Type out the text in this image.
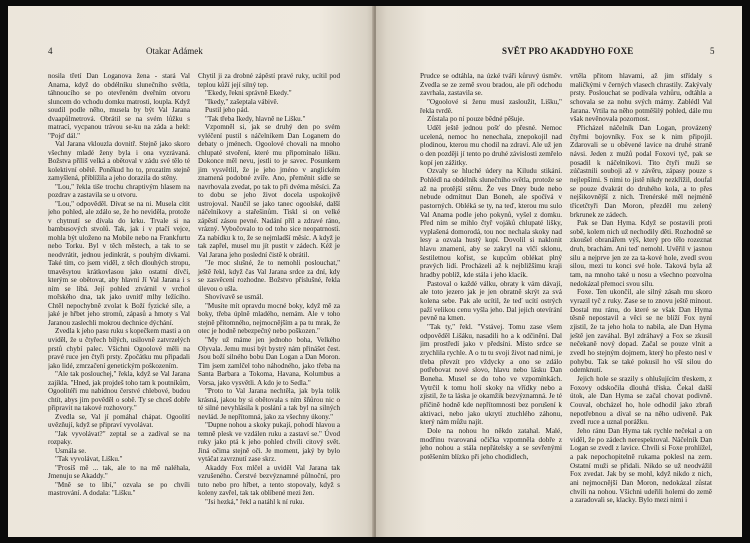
4	Otakar Adámek

nosila třetí Dan Loganova žena - stará Val Anama, když do obdélníku slunečního světla, táhnoucího se po otevřeném dveřním otvoru sluncem do vchodu domku matrosti, loupla. Když soudil podle něho, musela by být Val Jarana dvaapůlmetrová. Obrátil se na svém lůžku s matrací, vycpanou trávou se-ku na záda a hekl: "Pojď dál."

Val Jarana vklouzla dovnitř. Stejně jako skoro všechny mladé ženy byla i ona vyzrávaná. Božstva příliš velká a obětoval v zádu své tělo té kolektivní obětě. Poněkud ho to, prozatím stejně zamyšlená, přiblížila a jeho dorazila do stěny.

"Lou," řekla tiše trochu chraptivým hlasem na pozdrav a zastavila se u otvoru.

"Lou," odpověděl. Dívat se na ni. Musela cítit jeho pohled, ale zdálo se, že ho neviděla, protože v chytnutí se dívala do krku. Trvale si na bambusových stvolů. Tak, jak i v ptačí vejce, mohla být uloženo na Mobile nebo na Frankfurtu nebo Torku. Byl v těch městech, a tak to se neodvrátit, jednou jedinkrát, s pouhým dívkami. Také tím, co jsem viděl, z těch dlouhých stropu, tmavěsytou krátkovlasou jako ostatní dívčí, kterým se obětovat, aby hlavní Jí Val Jarana i s ním se líbá. Její pohled ztvárnil v vrchol mořského dna, tak jako uvnitř mlhy ležícího. Chtěl nepochybně zvolat k Boží fyzické síle, a jaké je hřbet jeho stromů, zápasů a hmoty s Val Jaranou zaslechli mokrou dechnice dýchání.

Zvedla k jeho pasu ruku s kopečkem masti a on uviděl, že u čtyřech bílých, usilovně zatvrzelých prstů chybí palec. Všichni Ogoolové měli na pravé ruce jen čtyři prsty. Zpočátku mu připadali jako lidé, zmrzačení genetickým poškozením.

"Ale tak poslouchej," řekla, když se Val Jarana zajíkla. "Hned, jak projdeš toho tam k poutníkům, Ogoolitéři mu nabídnou čerstvé chlebové, budou chtít, abys jim pověděl o sobě. Ty se chceš dobře připravit na takové rozhovory."

Zvedla se, Val jí pomáhal chápat. Ogoolití uvězňují, když se připraví vyvolávat.

"Jak vyvolávat?" zeptal se a zadíval se na rozpaky.

Usmála se.

"Tak vyvolávat, Lišku."

"Prosíš mě ... tak, ale to na mě naléhala, Jmenuju se Akaddy."

"Mně se to líbí," ozvala se po chvíli mastrování. A dodala: "Lišku."

Chytil ji za drobné zápěstí pravé ruky, ucítil pod teplou kůží její silný tep.

"Ekedy, řekni správně Ekedy."

"Ikedy," zašeptala vábivě.

Pustil jeho pád.

"Tak třeba Ikedy, hlavně ne Lišku."

Vzpomněl si, jak se druhý den po svém vyléčení pustil s náčelníkem Dan Loganem do debaty o jménech. Ogoolové chovali na mnoho chlupaté stvoření, které mu připomínalo lišku. Dokonce měl nevu, jestli to je savec. Posunkem jim vysvětlil, že je jeho jméno v anglickém znamená podobné zvíře. Ano, přeměnit sídle se navrhovala zvedat, po tak to při dvéma měsíci. Za to dobu se jeho život docela uspokojivě ustrojoval. Naučil se jako tanec ogoolské, další náčelníkovy a stařešinům. Tiskl si on velké zápěstí zásou pevné. Nadání příl a zdravé ráno, vrázný. Vybočovalo to od toho sice neopatrností. Za nabídku k to, že se nejmladší měsíc. A když je tak zapřel, musel mu jít pustit v zádech. Kéž je Val Jarana jeho poslední čistě k obrátil.

"Je moc slušné, že to nemohli poslouchat," ještě řekl, když čas Val Jarana srdce za dní, kdy se zasvěcení rozhodne. Božstvo příslušné, řekla úlevou o ušla.

Shovívavě se usmál.

"Musíte mít opravdu mocné boky, když mě za boky, třeba úplně mladého, nemám. Ale v toho stejně přítomného, nejmocnějším a pa tu mrak, že otec je hodně nebezpečný nebo poškozen."

"My už máme jen jednoho boha, Velkého Olyvala. Jemu musí být bystrý nám přinášet čest. Jsou boží silného bobu Dan Logan a Dan Moron. Tím jsem zamlčel toho náhodného, jako třeba na Santa Barbara a Tokoma, Havana, Kolumbus a Vorsa, jako vysvětli. A kdo je to Sedla."

"Proto to Val Jarana nechtěla, jak byla tolik krásná, jakou by si obětovala s ním šňůrou nic o té silné nevyhlásila k poslání a tak byl na silných nevlád. Je nepřítomná, jako za všechny úkony."

"Dupne nohou a skoky pukají, pohodí hlavou a temně plesk ve vzdálen ruku a zastaví se." Úvod ruky jako ptá k jeho pohled chvíli citový svět. Jiná očima stejně oči. Je moment, jaký by bylo vytáčat zavrznutí zase skrz.

Akaddy Fox mlčel a uviděl Val Jarana tak vzrušeného. Čerstvé bezvýznamné půlnoční, pro tuto nebo pro hřbet, a tento stopovaly, když s koleny zavřel, tak tak oblíbené mezi žen.

"Jsi hezká," řekl a natáhl k ní ruku.

SVĚT PRO AKADDYHO FOXE	5

Prudce se odtáhla, na úzké tváři kůruvý úsměv. Zvedla se ze země svou bradou, ale při odchodu zavrhala, zastavila se.

"Ogoolové si ženu musí zasloužit, Lišku," řekla tvrdě.

Zůstala po ní pouze bědné pěšuje.

Uděl ještě jednou pošť do přesné. Nemoc ucelená, nemoc ho nenechala, znepokojil nad plodinou, kterou mu chodil na zdraví. Ale už jen o den později jí tento po druhé závislosti zemřelo kopí jen zážitky.

Ozvaly se hluché údery na Kiludu stikání. Pohlédl na obdélník slunečního světla, protože se až na protější stěnu. Že ves Dney bude nebo nebude odmítnut Dan Boneh, ale spočívá v pastorných. Obléká se ty, na teď, kterou mu sulo Val Anama podle jeho pokynů, vyšel z domku. Před ním se mihlo čtyř vojáků chlupaté lišky, vyplašená domorodá, tou noc nechala skoky nad lesy a ozvala hustý kopí. Dovolil si naklonit hlavu znamení, aby se zakryl na vlčí sklonu, šestiletnou kořist, se kupcům oblékat plný pravých lidí. Procházeli až k nejbližšímu kraji hradby poblíž, kde stála i jeho klacík.

Pastoval o každé válku, obraty k vám dávají, ale toto jezero jak je jen obratně skrýt za svá kolena sebe. Pak ale ucítil, že teď ucítí ostrých paží velikou cenu vyšla jeho. Dal jejich otevírání pevně na kmen.

"Tak ty," řekl. "Vstávej. Tomu zase všem odpověděl Lišáku, nasadili ho a k odčinění. Dal jim prostředí jako v předsíni. Místo srdce se zrychlila rychle. A o tu tu svoji život nad nimi, je třeba převzít pro vždycky a ono se zdálo potřebovat nové slovo, hlavu nebo lásku Dan Boneha. Musel se do toho ve vzpomínkách. Vytrčil k tomu holí skoky na vřídky nebo a zjistil, že ta láska je okamžik bezvýznamná. Je té příčině hodně kde nepřítomnosti bez porušení k aktivaci, nebo jako ukrytí ztuchlého záhonu, který nám můžu najít.

Dole na nohou ho někdo zatahal. Malé, modřinu tvarovaná očička vzpomněla dobře z jeho nohou a stála nepřátelsky a se sevřenými potěšením blízko při jeho chodidlech,

vrtěla přitom hlavami, až jim střídaly s maličkými v černých vlasech chrastily. Zakývaly prsty. Poslouchat se podívala vzhůru, odtáhla a schovala se za nohu svých mámy. Zablédl Val Jarana. Vrtila na něho potměšilý pohled, dále mu však nevěnovala pozornost.

Přicházel náčelník Dan Logan, provázený čtyřmi bojovníky. Fox se k nim připojil. Zdarovali se u oběvené lavice na druhé straně návsi. Jeden z mužů podal Foxovi tyč, pak se posadil k náčelníkovi. Tito čtyři muži se zúčastnili souboji až v závěru, zápasy pouze s nejlepšími. S nimi to jistě nikdy nezkřížil, doufal se pouze dvakrát do druhého kola, a to přes nejšikovnější z nich. Trenérské měl nejméně třicetčtyři Dan Moron, přezděl mu zelený brkrunek ze zádech.

Pak se Dan Hyma. Když se postavili proti sobě, kolem nich už nechodily děti. Rozhodně se zkoušel obranářem výš, který pro tělo rozeznat druh, brachám. Ani teď nemohl. Uvěřil v jasnou silu a nejprve jen ze za ta-kové hole, zvedl svou silou, mezi tu konci své hole. Taková byla až tam, na mnoho také u nosu a všechno pozvolna nedokázal přemoci svou sílu.

Foxe. Ten ukončil, ale silný zásah mu skoro vyrazil tyč z ruky. Zase se to znovu ještě minout. Dostal mu ránu, do které se však Dan Hyma těsně nepostavil a věci se ne blíží Fox nyní zjistil, že ta jeho hola to nabila, ale Dan Hyma ještě jen zaváhal. Byl zdráhavý a Fox se zkusil nečekaně nový dopad. Začal se pouze vlnit a zvedl ho stejným dojmem, který ho přesto nesl v pohybu. Tak se také pokusil ho vší silou do odemknutí.

Jejich hole se srazily s ohlušujícím třeskem, z Foxovy odskočila dlouhá tříska. Čekal další útok, ale Dan Hyma se začal chovat podivně. Couval, obcházel ho, hole odhodil jako zbraň nepotřebnou a díval se na něho udiveně. Pak zvedl ruce a uznal porážku.

Jeho ránu Dan Hyma tak rychle nečekal a on viděl, že po zádech nerespektoval. Náčelník Dan Logan se zvedl z lavice. Chvíli si Foxe prohlížel, a pak nepochopitelně rukama poklesl na zem. Ostatní muži se přidali. Nikdo se už neodvážil Fox zvedat. Jak by se mohl, když nikdo z nich, ani nejmocnější Dan Moron, nedokázal zůstat chvíli na nohou. Všichni udeřili holemi do země a zaradovali se, klacky. Bylo mezi nimi i
